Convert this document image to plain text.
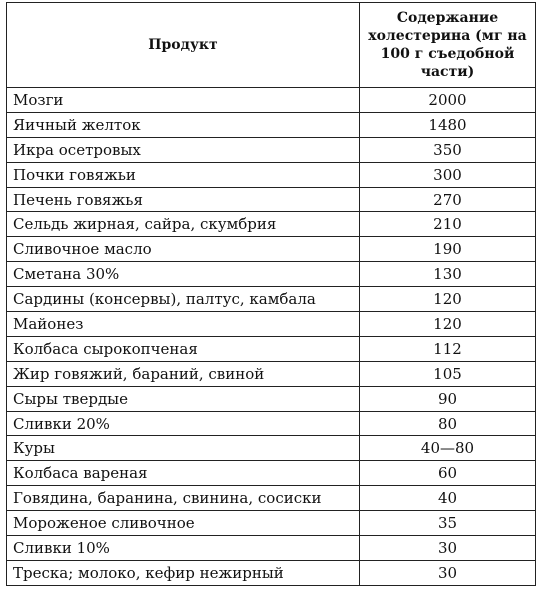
Продукт	Содержание холестерина (мг на 100 г съедобной части)

Мозги	2000
Яичный желток	1480
Икра осетровых	350
Почки говяжьи	300
Печень говяжья	270
Сельдь жирная, сайра, скумбрия	210
Сливочное масло	190
Сметана 30%	130
Сардины (консервы), палтус, камбала	120
Майонез	120
Колбаса сырокопченая	112
Жир говяжий, бараний, свиной	105
Сыры твердые	90
Сливки 20%	80
Куры	40—80
Колбаса вареная	60
Говядина, баранина, свинина, сосиски	40
Мороженое сливочное	35
Сливки 10%	30
Треска; молоко, кефир нежирный	30
